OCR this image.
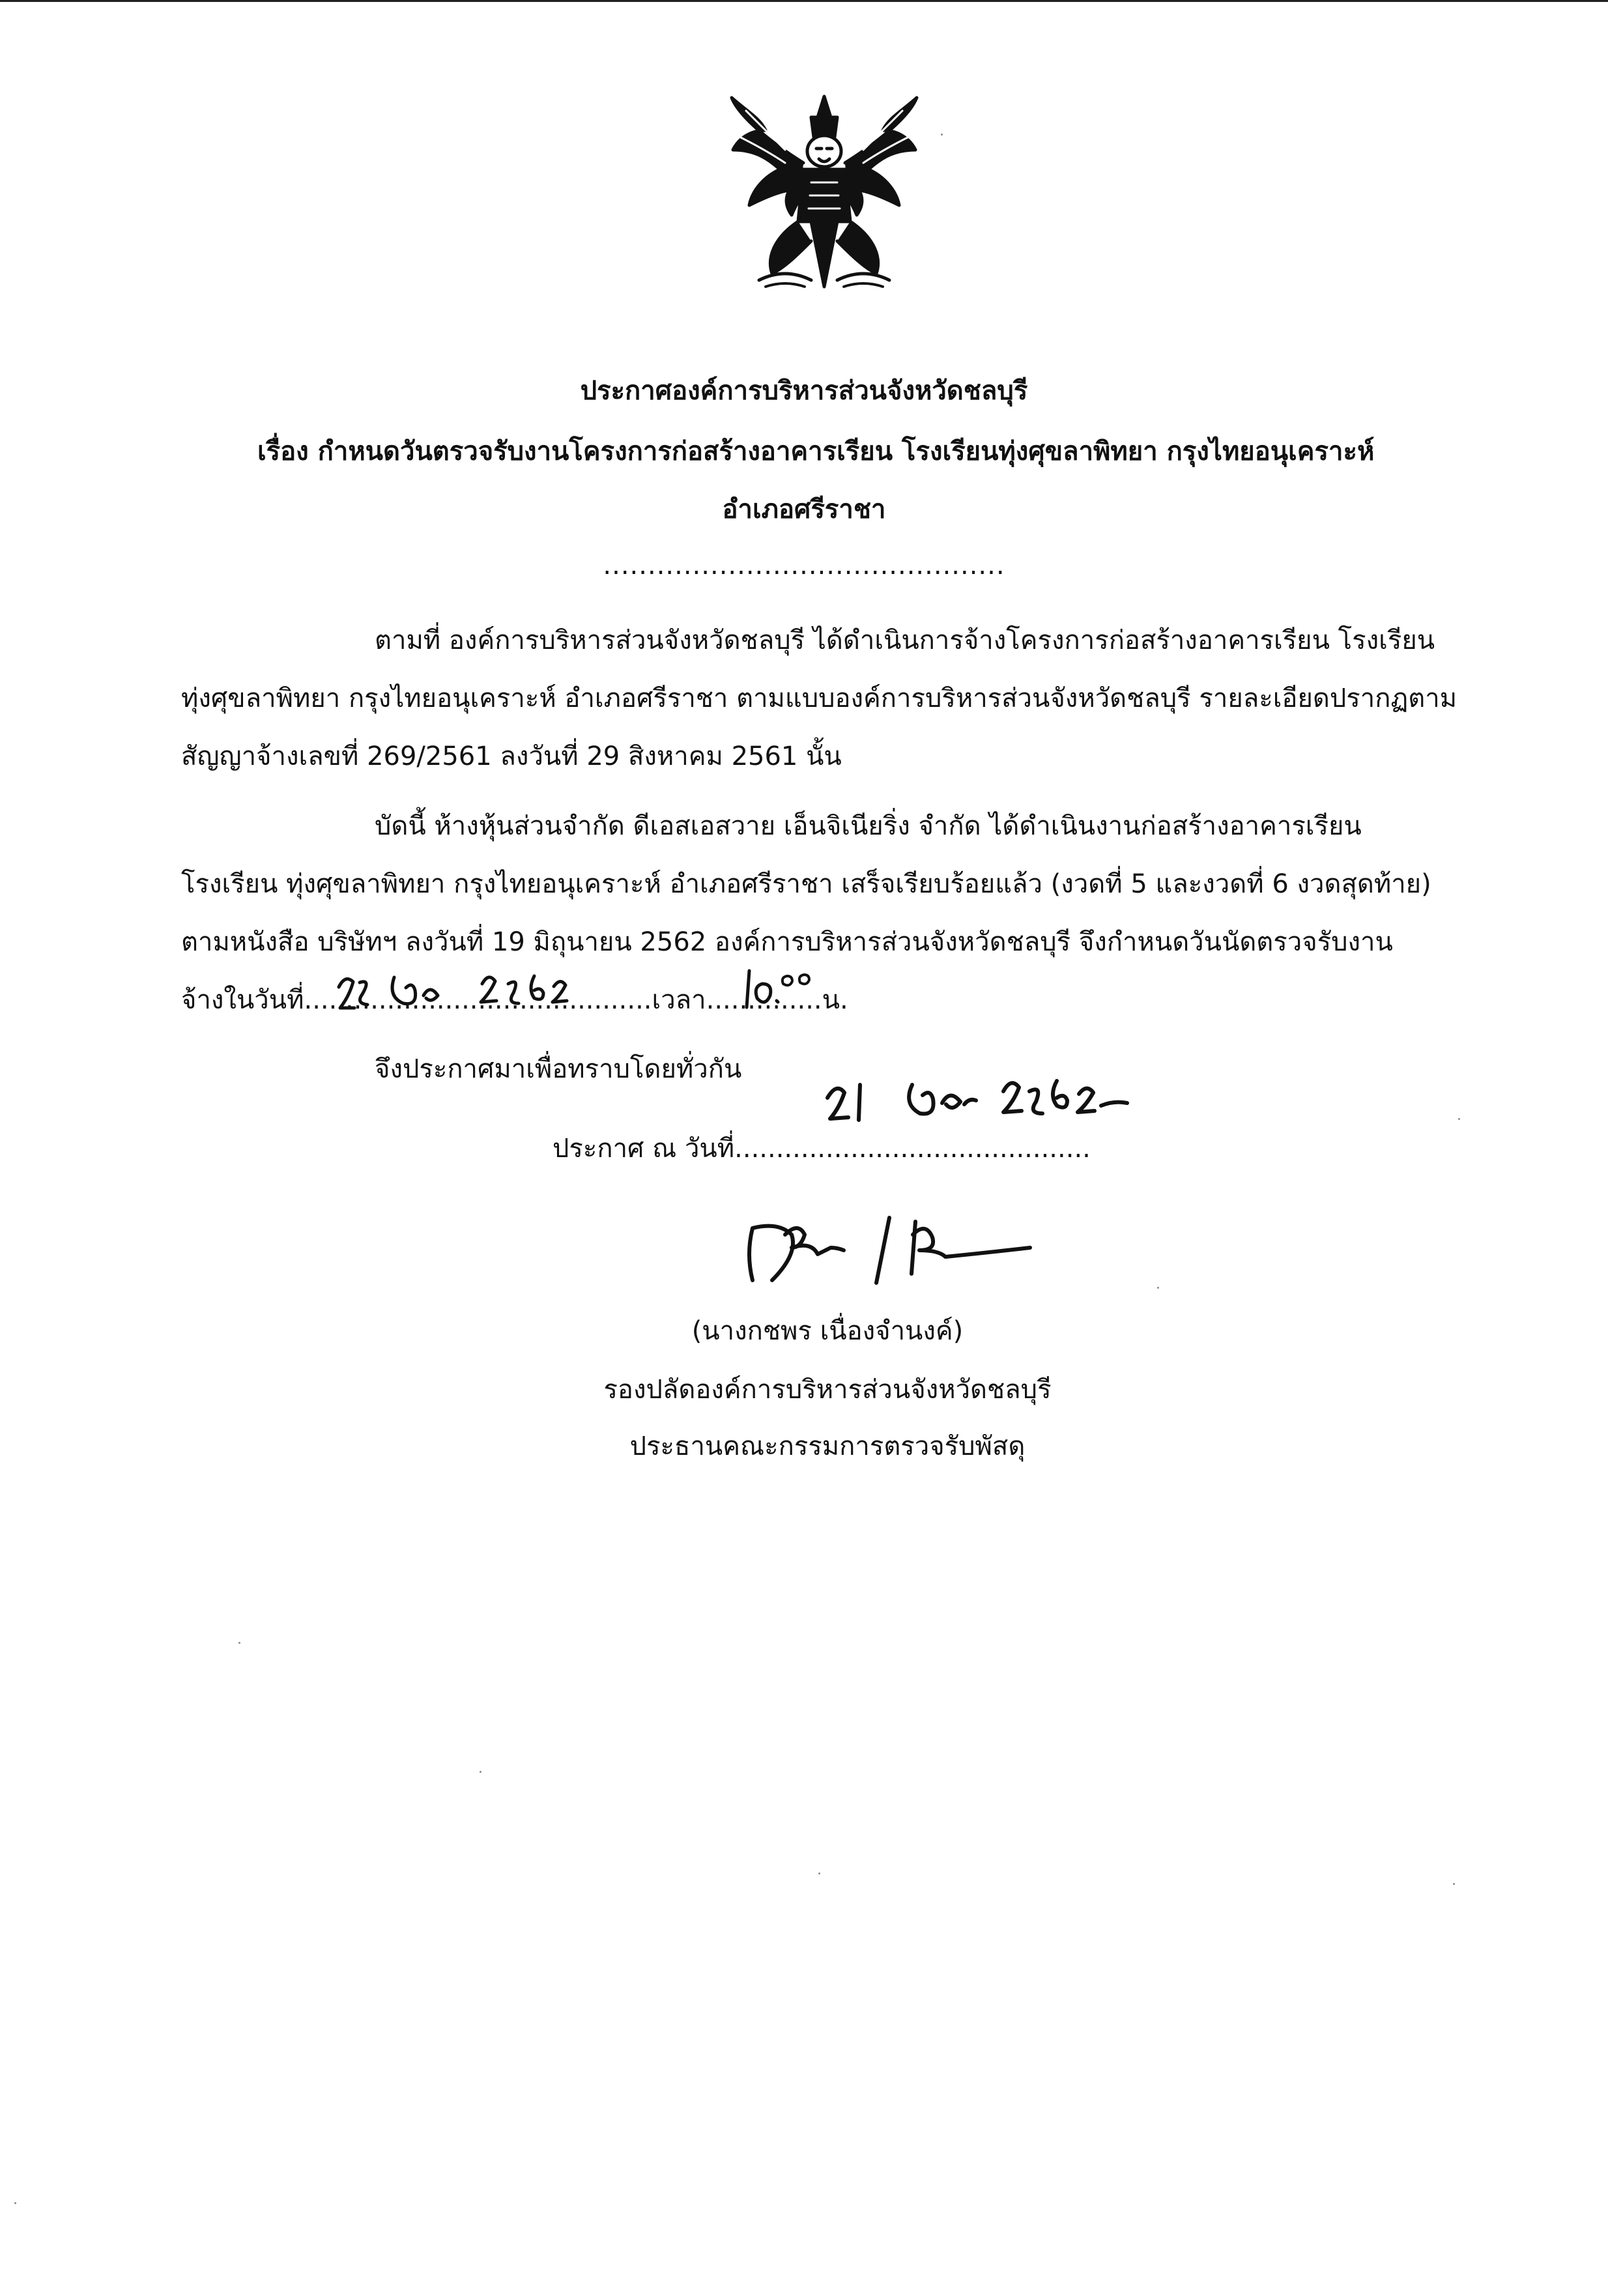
ประกาศองค์การบริหารส่วนจังหวัดชลบุรี
เรื่อง กำหนดวันตรวจรับงานโครงการก่อสร้างอาคารเรียน โรงเรียนทุ่งศุขลาพิทยา กรุงไทยอนุเคราะห์
อำเภอศรีราชา
.............................................
ตามที่ องค์การบริหารส่วนจังหวัดชลบุรี ได้ดำเนินการจ้างโครงการก่อสร้างอาคารเรียน โรงเรียน
ทุ่งศุขลาพิทยา กรุงไทยอนุเคราะห์ อำเภอศรีราชา ตามแบบองค์การบริหารส่วนจังหวัดชลบุรี รายละเอียดปรากฏตาม
สัญญาจ้างเลขที่ 269/2561 ลงวันที่ 29 สิงหาคม 2561 นั้น
บัดนี้ ห้างหุ้นส่วนจำกัด ดีเอสเอสวาย เอ็นจิเนียริ่ง จำกัด ได้ดำเนินงานก่อสร้างอาคารเรียน
โรงเรียน ทุ่งศุขลาพิทยา กรุงไทยอนุเคราะห์ อำเภอศรีราชา เสร็จเรียบร้อยแล้ว (งวดที่ 5 และงวดที่ 6 งวดสุดท้าย)
ตามหนังสือ บริษัทฯ ลงวันที่ 19 มิถุนายน 2562 องค์การบริหารส่วนจังหวัดชลบุรี จึงกำหนดวันนัดตรวจรับงาน
จ้างในวันที่..........................................เวลา..............น.
จึงประกาศมาเพื่อทราบโดยทั่วกัน
ประกาศ ณ วันที่...........................................
(นางกชพร เนื่องจำนงค์)
รองปลัดองค์การบริหารส่วนจังหวัดชลบุรี
ประธานคณะกรรมการตรวจรับพัสดุ
